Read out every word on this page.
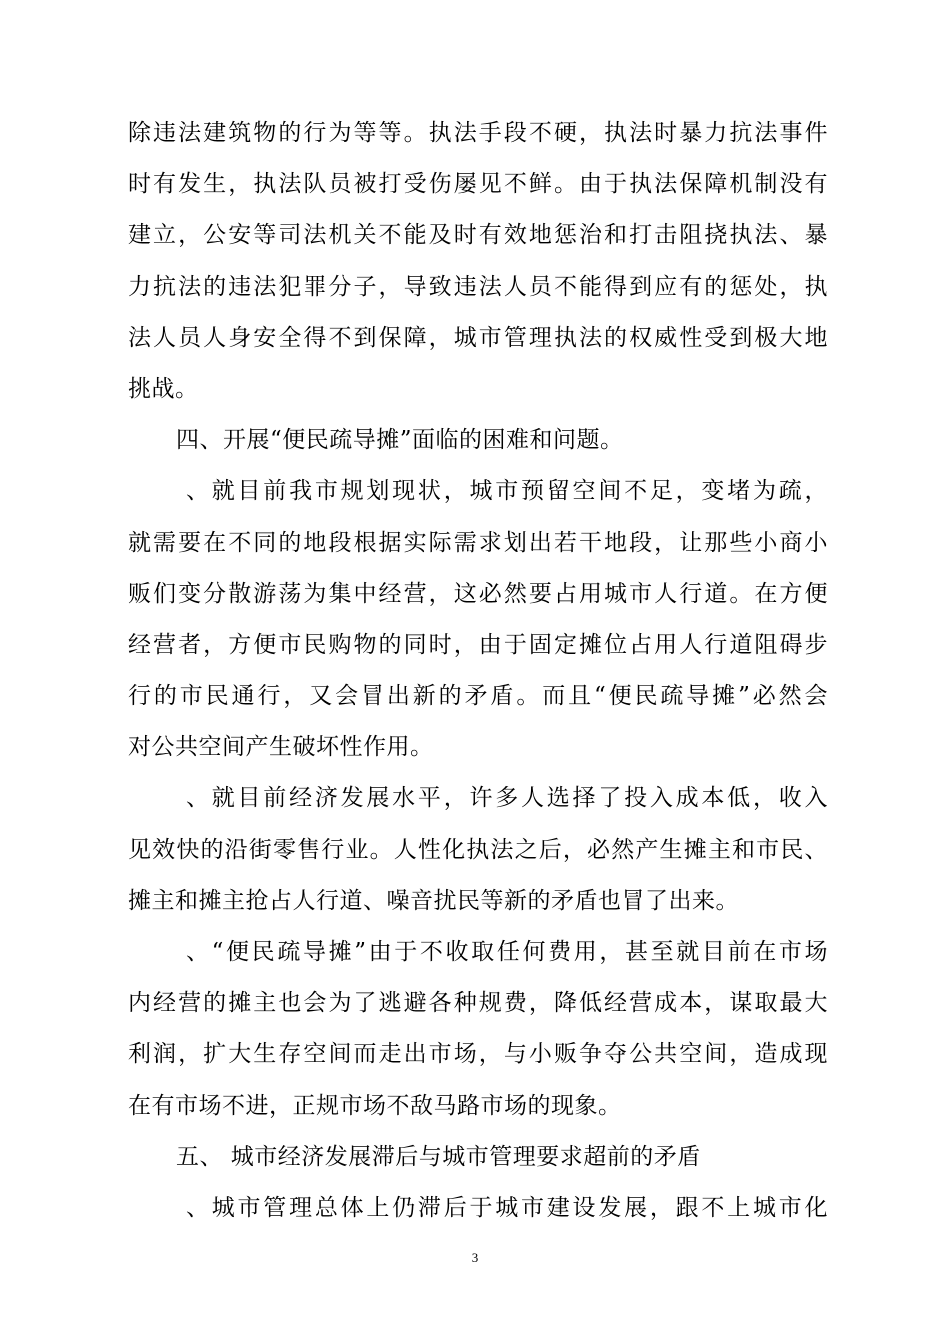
除违法建筑物的行为等等。执法手段不硬，执法时暴力抗法事件
时有发生，执法队员被打受伤屡见不鲜。由于执法保障机制没有
建立，公安等司法机关不能及时有效地惩治和打击阻挠执法、暴
力抗法的违法犯罪分子，导致违法人员不能得到应有的惩处，执
法人员人身安全得不到保障，城市管理执法的权威性受到极大地
挑战。
四、开展“便民疏导摊”面临的困难和问题。
、就目前我市规划现状，城市预留空间不足，变堵为疏，
就需要在不同的地段根据实际需求划出若干地段，让那些小商小
贩们变分散游荡为集中经营，这必然要占用城市人行道。在方便
经营者，方便市民购物的同时，由于固定摊位占用人行道阻碍步
行的市民通行，又会冒出新的矛盾。而且“便民疏导摊”必然会
对公共空间产生破坏性作用。
、就目前经济发展水平，许多人选择了投入成本低，收入
见效快的沿街零售行业。人性化执法之后，必然产生摊主和市民、
摊主和摊主抢占人行道、噪音扰民等新的矛盾也冒了出来。
、“便民疏导摊”由于不收取任何费用，甚至就目前在市场
内经营的摊主也会为了逃避各种规费，降低经营成本，谋取最大
利润，扩大生存空间而走出市场，与小贩争夺公共空间，造成现
在有市场不进，正规市场不敌马路市场的现象。
五、 城市经济发展滞后与城市管理要求超前的矛盾
、城市管理总体上仍滞后于城市建设发展，跟不上城市化
3
